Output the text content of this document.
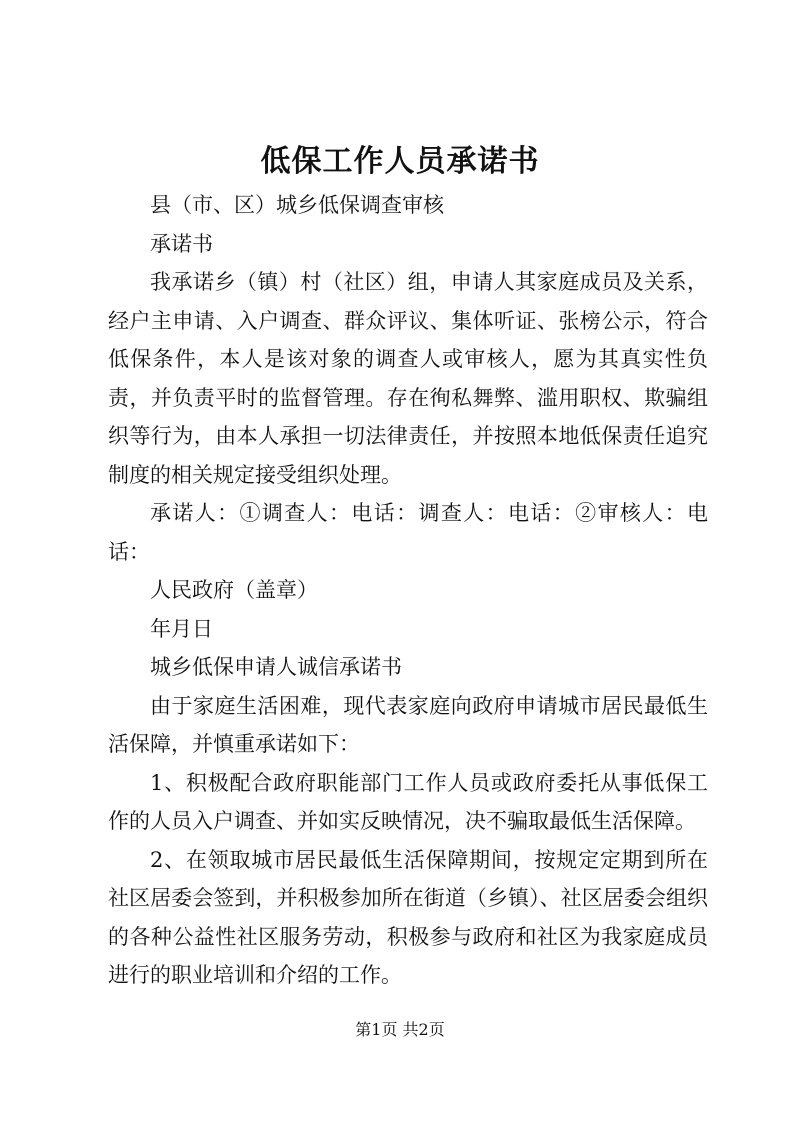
低保工作人员承诺书

县（市、区）城乡低保调查审核

承诺书

我承诺乡（镇）村（社区）组，申请人其家庭成员及关系，经户主申请、入户调查、群众评议、集体听证、张榜公示，符合低保条件，本人是该对象的调查人或审核人，愿为其真实性负责，并负责平时的监督管理。存在徇私舞弊、滥用职权、欺骗组织等行为，由本人承担一切法律责任，并按照本地低保责任追究制度的相关规定接受组织处理。

承诺人：①调查人：电话：调查人：电话：②审核人：电话：

人民政府（盖章）

年月日

城乡低保申请人诚信承诺书

由于家庭生活困难，现代表家庭向政府申请城市居民最低生活保障，并慎重承诺如下：

1、积极配合政府职能部门工作人员或政府委托从事低保工作的人员入户调查、并如实反映情况，决不骗取最低生活保障。

2、在领取城市居民最低生活保障期间，按规定定期到所在社区居委会签到，并积极参加所在街道（乡镇）、社区居委会组织的各种公益性社区服务劳动，积极参与政府和社区为我家庭成员进行的职业培训和介绍的工作。

第1页 共2页
